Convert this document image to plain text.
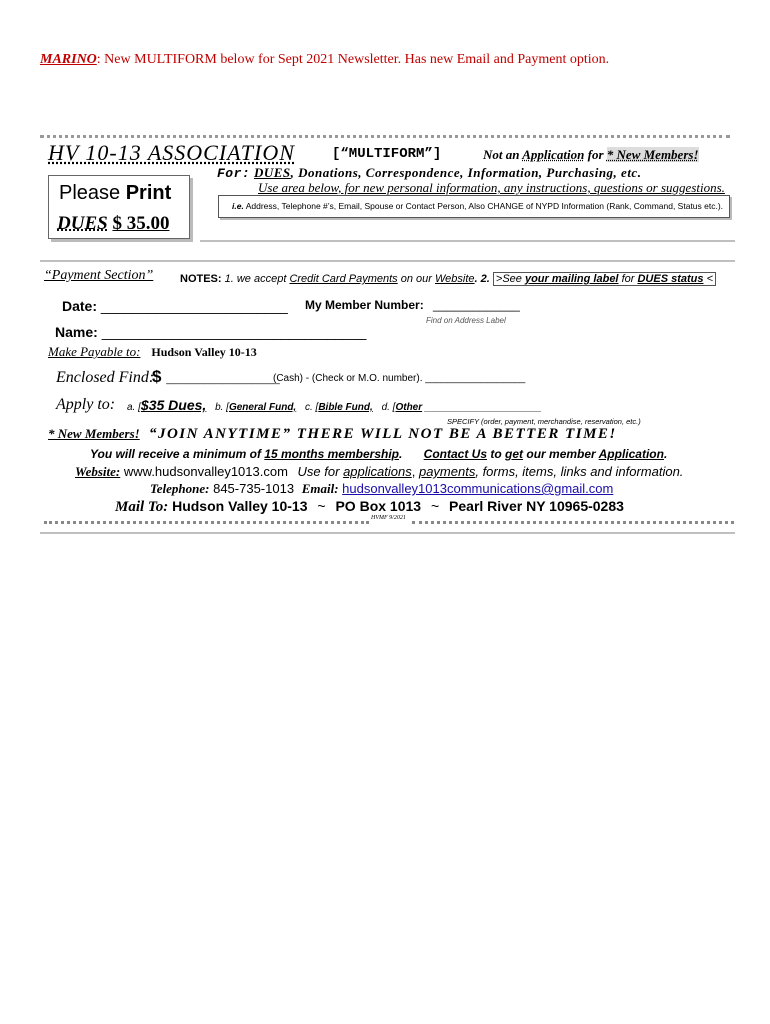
MARINO: New MULTIFORM below for Sept 2021 Newsletter. Has new Email and Payment option.
HV 10-13 ASSOCIATION	[“MULTIFORM”]	Not an Application for * New Members!
Please Print
DUES $ 35.00
For: DUES, Donations, Correspondence, Information, Purchasing, etc.
Use area below, for new personal information, any instructions, questions or suggestions.
i.e. Address, Telephone #’s, Email, Spouse or Contact Person, Also CHANGE of NYPD Information (Rank, Command, Status etc.).
“Payment Section” NOTES: 1. we accept Credit Card Payments on our Website. 2. >See your mailing label for DUES status <
Date: ________________________ My Member Number: _____________
Find on Address Label
Name: __________________________________
Make Payable to: Hudson Valley 10-13
Enclosed Find:
$ ____________
(Cash) - (Check or M.O. number). __________________
Apply to: a. [$35 Dues, b. [General Fund, c. [Bible Fund, d. [Other _____________________
SPECIFY (order, payment, merchandise, reservation, etc.)
* New Members! “JOIN ANYTIME” THERE WILL NOT BE A BETTER TIME!
You will receive a minimum of 15 months membership. Contact Us to get our member Application.
Website: www.hudsonvalley1013.com Use for applications, payments, forms, items, links and information.
Telephone: 845-735-1013 Email: hudsonvalley1013communications@gmail.com
Mail To: Hudson Valley 10-13 ~ PO Box 1013 ~ Pearl River NY 10965-0283
HVMF 9/2021
